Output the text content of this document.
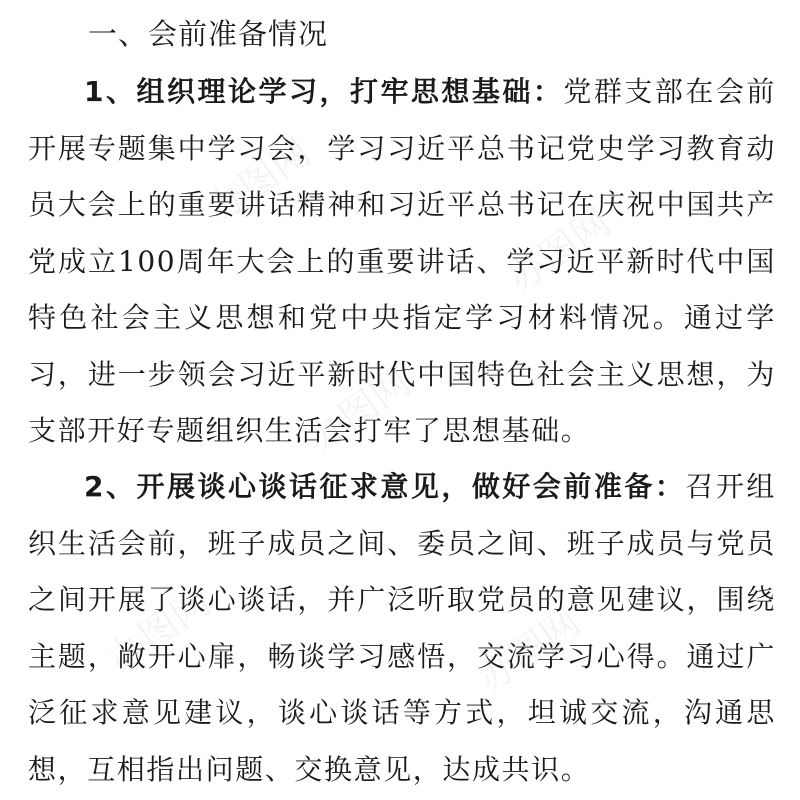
一、会前准备情况

1、组织理论学习，打牢思想基础：党群支部在会前开展专题集中学习会，学习习近平总书记党史学习教育动员大会上的重要讲话精神和习近平总书记在庆祝中国共产党成立100周年大会上的重要讲话、学习近平新时代中国特色社会主义思想和党中央指定学习材料情况。通过学习，进一步领会习近平新时代中国特色社会主义思想，为支部开好专题组织生活会打牢了思想基础。

2、开展谈心谈话征求意见，做好会前准备：召开组织生活会前，班子成员之间、委员之间、班子成员与党员之间开展了谈心谈话，并广泛听取党员的意见建议，围绕主题，敞开心扉，畅谈学习感悟，交流学习心得。通过广泛征求意见建议，谈心谈话等方式，坦诚交流，沟通思想，互相指出问题、交换意见，达成共识。
